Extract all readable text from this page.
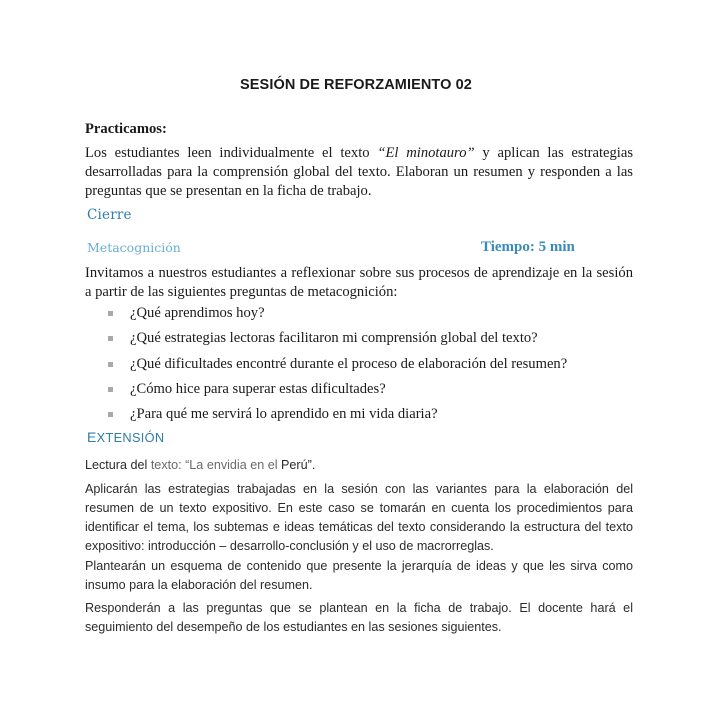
SESIÓN DE REFORZAMIENTO 02
Practicamos:
Los estudiantes leen individualmente el texto “El minotauro” y aplican las estrategias desarrolladas para la comprensión global del texto. Elaboran un resumen y responden a las preguntas que se presentan en la ficha de trabajo.
Cierre
Metacognición	Tiempo: 5 min
Invitamos a nuestros estudiantes a reflexionar sobre sus procesos de aprendizaje en la sesión a partir de las siguientes preguntas de metacognición:
¿Qué aprendimos hoy?
¿Qué estrategias lectoras facilitaron mi comprensión global del texto?
¿Qué dificultades encontré durante el proceso de elaboración del resumen?
¿Cómo hice para superar estas dificultades?
¿Para qué me servirá lo aprendido en mi vida diaria?
EXTENSIÓN
Lectura del texto: “La envidia en el Perú”.
Aplicarán las estrategias trabajadas en la sesión con las variantes para la elaboración del resumen de un texto expositivo. En este caso se tomarán en cuenta los procedimientos para identificar el tema, los subtemas e ideas temáticas del texto considerando la estructura del texto expositivo: introducción – desarrollo-conclusión y el uso de macrorreglas.
Plantearán un esquema de contenido que presente la jerarquía de ideas y que les sirva como insumo para la elaboración del resumen.
Responderán a las preguntas que se plantean en la ficha de trabajo. El docente hará el seguimiento del desempeño de los estudiantes en las sesiones siguientes.
